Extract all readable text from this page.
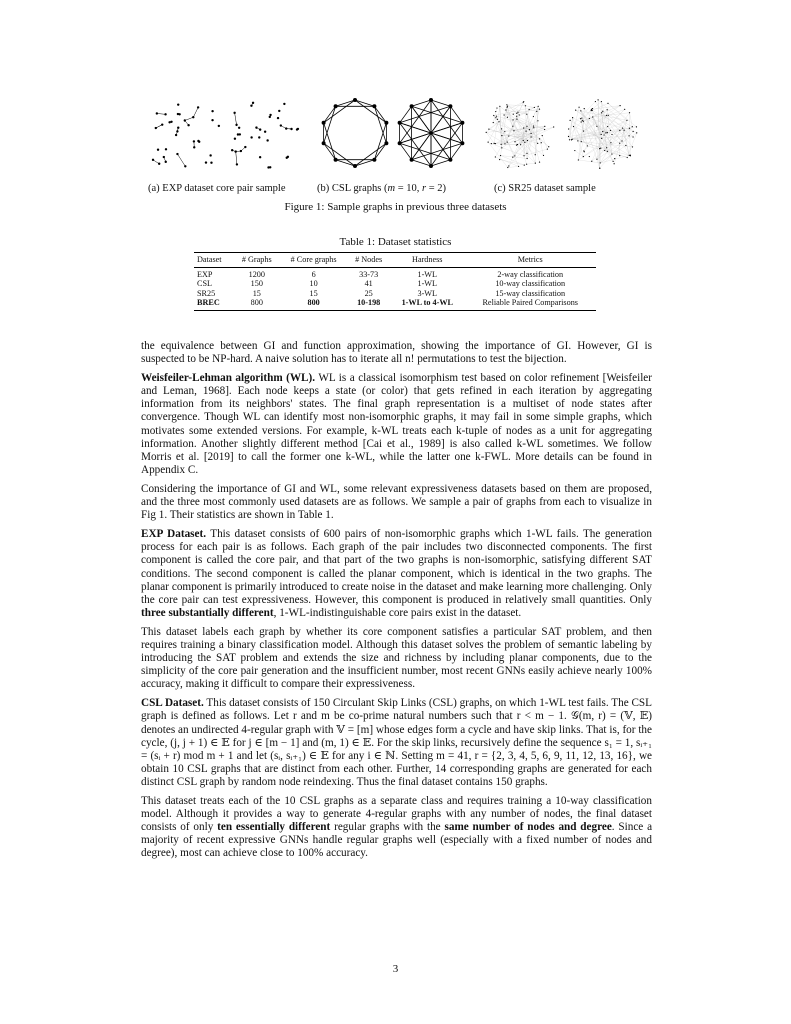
(a) EXP dataset core pair sample	(b) CSL graphs (m = 10, r = 2)	(c) SR25 dataset sample
Figure 1: Sample graphs in previous three datasets
Table 1: Dataset statistics
Dataset	# Graphs	# Core graphs	# Nodes	Hardness	Metrics
EXP	1200	6	33-73	1-WL	2-way classification
CSL	150	10	41	1-WL	10-way classification
SR25	15	15	25	3-WL	15-way classification
BREC	800	800	10-198	1-WL to 4-WL	Reliable Paired Comparisons

the equivalence between GI and function approximation, showing the importance of GI. However, GI is suspected to be NP-hard. A naive solution has to iterate all n! permutations to test the bijection.

Weisfeiler-Lehman algorithm (WL). WL is a classical isomorphism test based on color refinement [Weisfeiler and Leman, 1968]. Each node keeps a state (or color) that gets refined in each iteration by aggregating information from its neighbors' states. The final graph representation is a multiset of node states after convergence. Though WL can identify most non-isomorphic graphs, it may fail in some simple graphs, which motivates some extended versions. For example, k-WL treats each k-tuple of nodes as a unit for aggregating information. Another slightly different method [Cai et al., 1989] is also called k-WL sometimes. We follow Morris et al. [2019] to call the former one k-WL, while the latter one k-FWL. More details can be found in Appendix C.

Considering the importance of GI and WL, some relevant expressiveness datasets based on them are proposed, and the three most commonly used datasets are as follows. We sample a pair of graphs from each to visualize in Fig 1. Their statistics are shown in Table 1.

EXP Dataset. This dataset consists of 600 pairs of non-isomorphic graphs which 1-WL fails. The generation process for each pair is as follows. Each graph of the pair includes two disconnected components. The first component is called the core pair, and that part of the two graphs is non-isomorphic, satisfying different SAT conditions. The second component is called the planar component, which is identical in the two graphs. The planar component is primarily introduced to create noise in the dataset and make learning more challenging. Only the core pair can test expressiveness. However, this component is produced in relatively small quantities. Only three substantially different, 1-WL-indistinguishable core pairs exist in the dataset.

This dataset labels each graph by whether its core component satisfies a particular SAT problem, and then requires training a binary classification model. Although this dataset solves the problem of semantic labeling by introducing the SAT problem and extends the size and richness by including planar components, due to the simplicity of the core pair generation and the insufficient number, most recent GNNs easily achieve nearly 100% accuracy, making it difficult to compare their expressiveness.

CSL Dataset. This dataset consists of 150 Circulant Skip Links (CSL) graphs, on which 1-WL test fails. The CSL graph is defined as follows. Let r and m be co-prime natural numbers such that r < m − 1. 𝒢(m, r) = (𝕍, 𝔼) denotes an undirected 4-regular graph with 𝕍 = [m] whose edges form a cycle and have skip links. That is, for the cycle, (j, j + 1) ∈ 𝔼 for j ∈ [m − 1] and (m, 1) ∈ 𝔼. For the skip links, recursively define the sequence s₁ = 1, sᵢ₊₁ = (sᵢ + r) mod m + 1 and let (sᵢ, sᵢ₊₁) ∈ 𝔼 for any i ∈ ℕ. Setting m = 41, r = {2, 3, 4, 5, 6, 9, 11, 12, 13, 16}, we obtain 10 CSL graphs that are distinct from each other. Further, 14 corresponding graphs are generated for each distinct CSL graph by random node reindexing. Thus the final dataset contains 150 graphs.

This dataset treats each of the 10 CSL graphs as a separate class and requires training a 10-way classification model. Although it provides a way to generate 4-regular graphs with any number of nodes, the final dataset consists of only ten essentially different regular graphs with the same number of nodes and degree. Since a majority of recent expressive GNNs handle regular graphs well (especially with a fixed number of nodes and degree), most can achieve close to 100% accuracy.

3
